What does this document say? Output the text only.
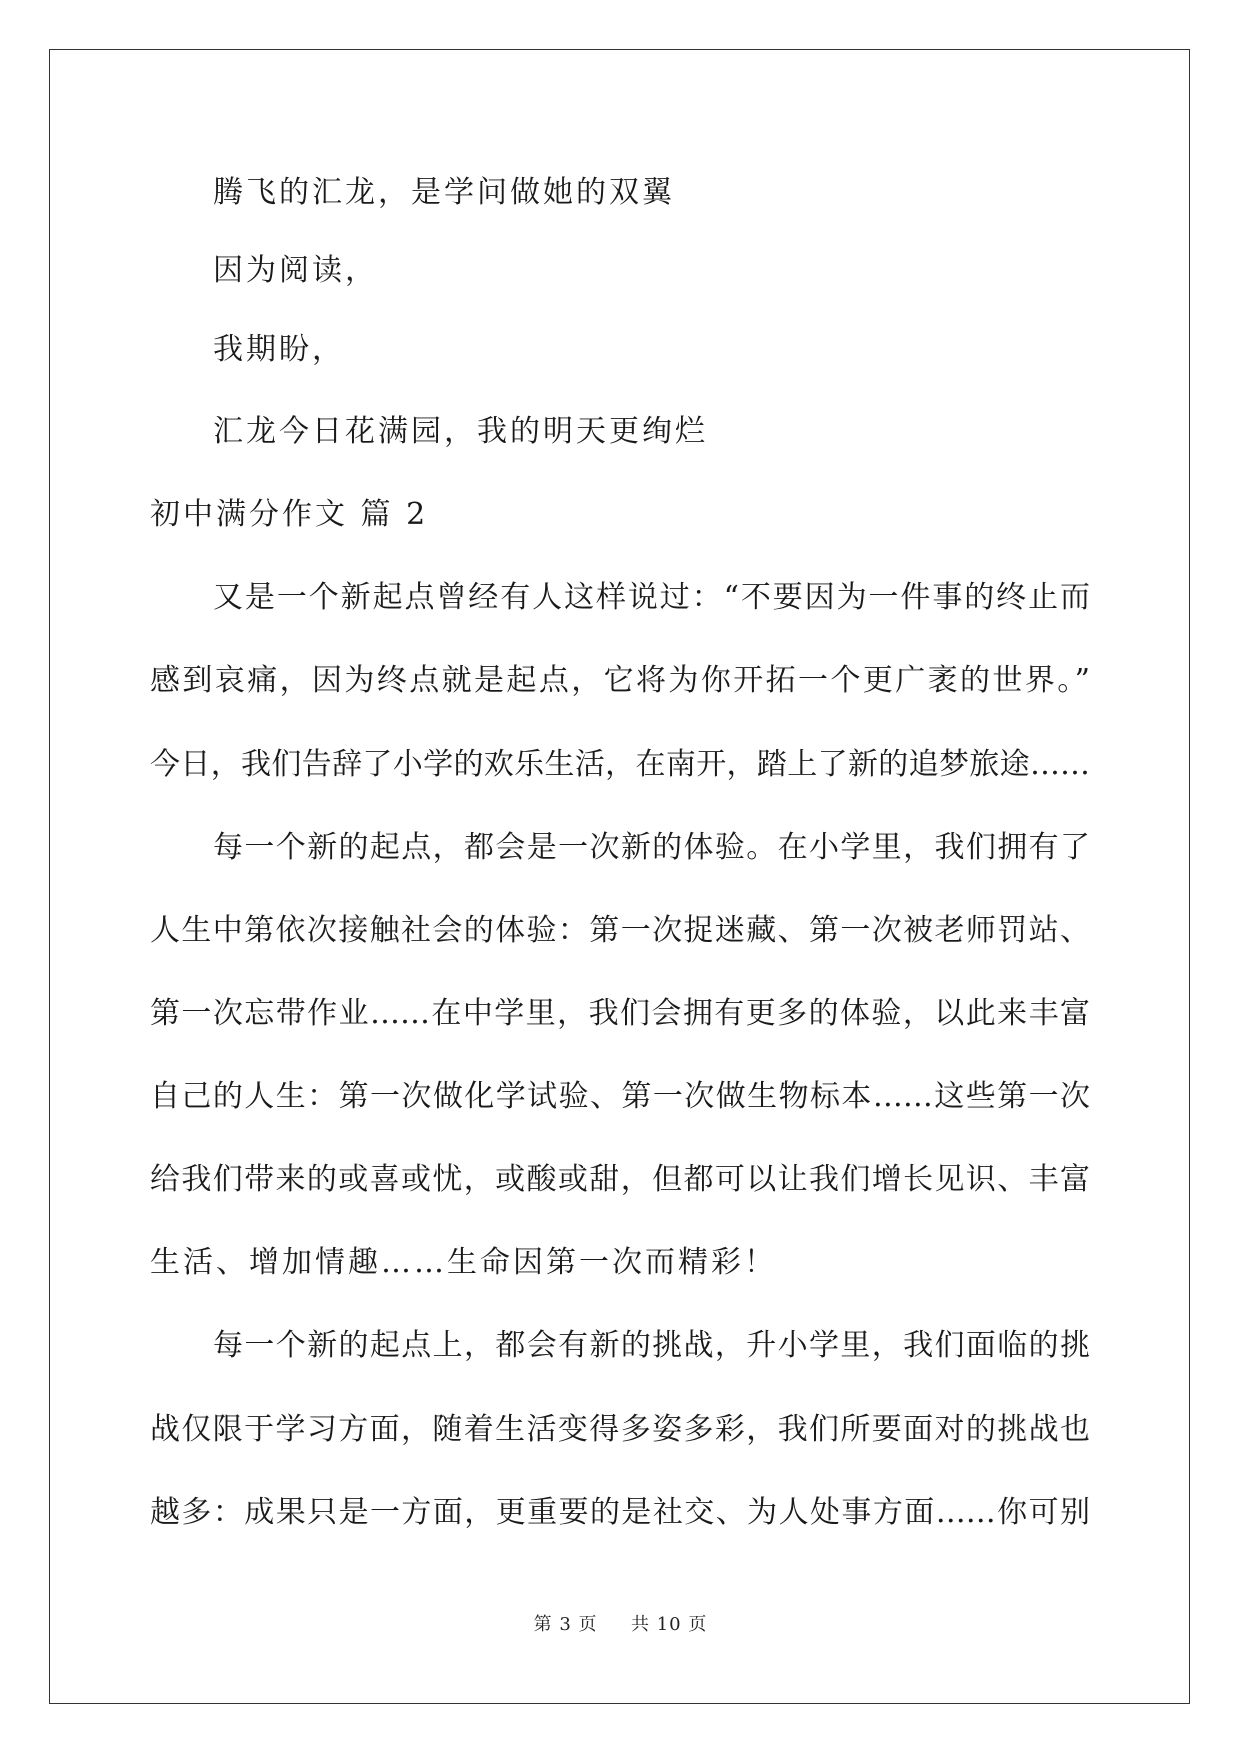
腾飞的汇龙，是学问做她的双翼
因为阅读，
我期盼，
汇龙今日花满园，我的明天更绚烂
初中满分作文 篇 2
又是一个新起点曾经有人这样说过：“不要因为一件事的终止而
感到哀痛，因为终点就是起点，它将为你开拓一个更广袤的世界。”
今日，我们告辞了小学的欢乐生活，在南开，踏上了新的追梦旅途……
每一个新的起点，都会是一次新的体验。在小学里，我们拥有了
人生中第依次接触社会的体验：第一次捉迷藏、第一次被老师罚站、
第一次忘带作业……在中学里，我们会拥有更多的体验，以此来丰富
自己的人生：第一次做化学试验、第一次做生物标本……这些第一次
给我们带来的或喜或忧，或酸或甜，但都可以让我们增长见识、丰富
生活、增加情趣……生命因第一次而精彩！
每一个新的起点上，都会有新的挑战，升小学里，我们面临的挑
战仅限于学习方面，随着生活变得多姿多彩，我们所要面对的挑战也
越多：成果只是一方面，更重要的是社交、为人处事方面……你可别
第 3 页 共 10 页
